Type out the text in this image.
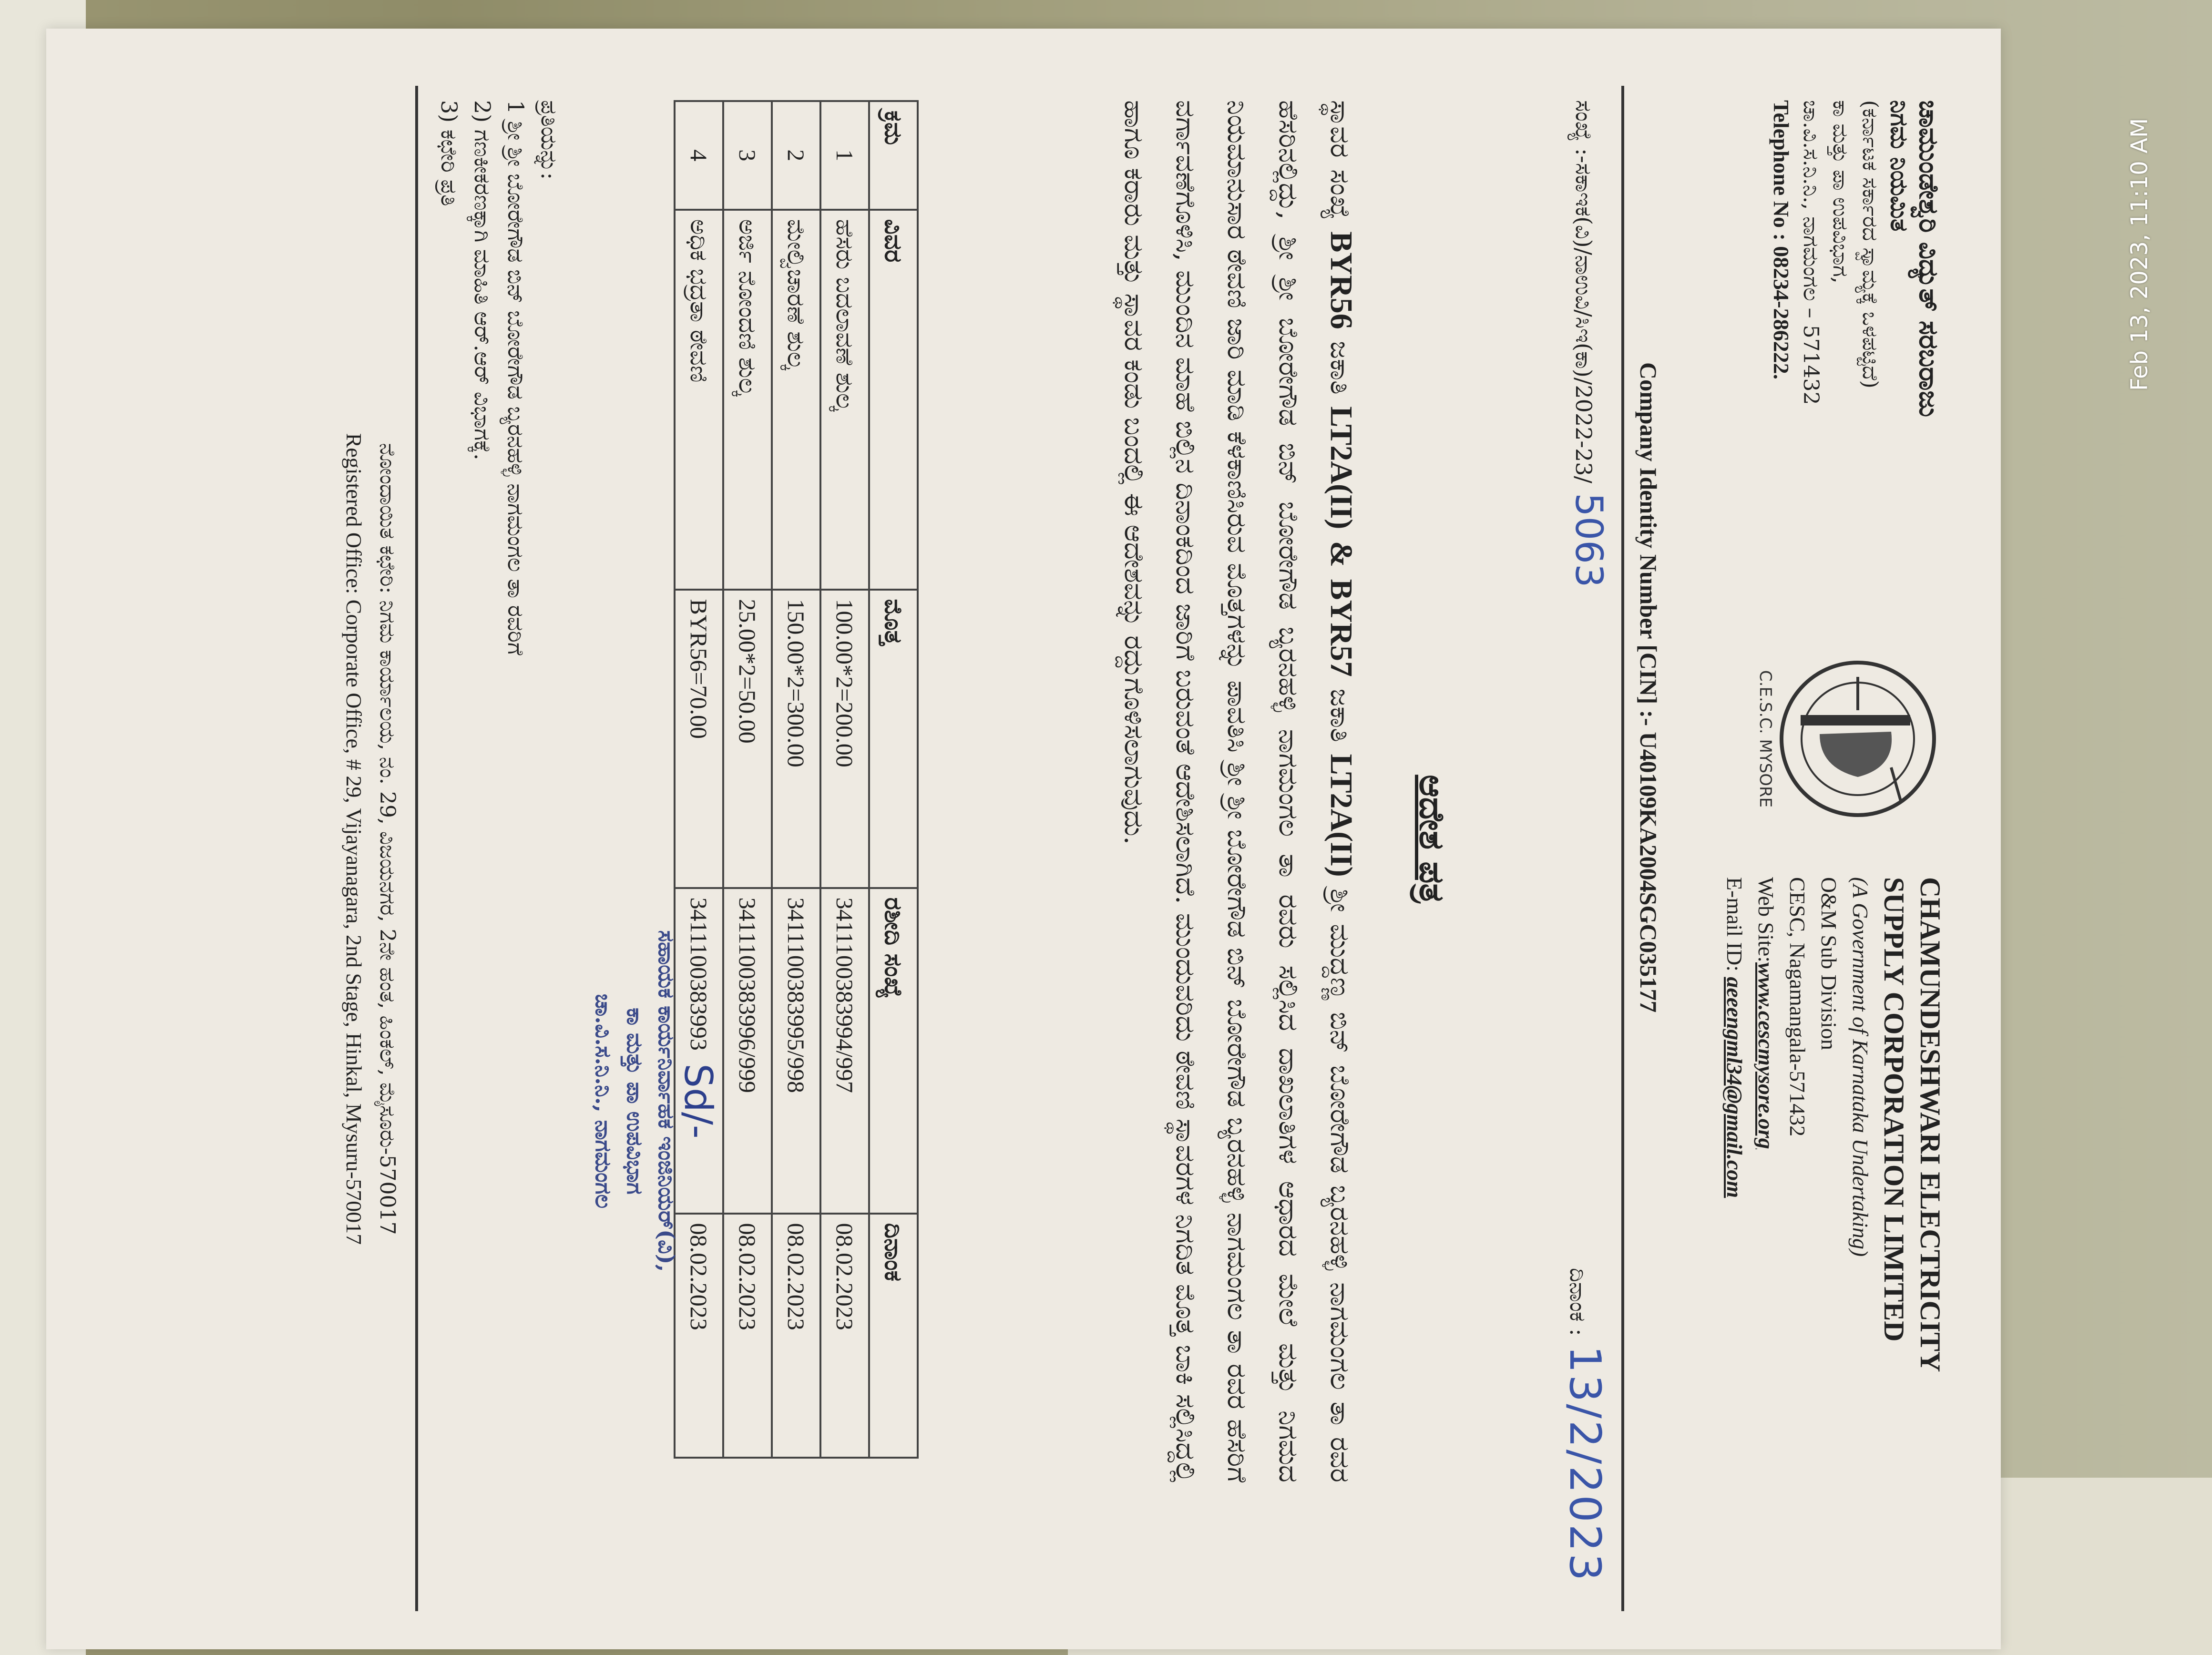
ಚಾಮುಂಡೇಶ್ವರಿ ವಿದ್ಯುತ್ ಸರಬರಾಜು
ನಿಗಮ ನಿಯಮಿತ
(ಕರ್ನಾಟಕ ಸರ್ಕಾರದ ಸ್ವಾಮ್ಯಕ್ಕೆ ಒಳಪಟ್ಟಿದೆ)
ಕಾ ಮತ್ತು ಪಾ ಉಪವಿಭಾಗ,
ಚಾ.ವಿ.ಸ.ನಿ.ನಿ., ನಾಗಮಂಗಲ – 571432
Telephone No : 08234-286222.
C.E.S.C. MYSORE
CHAMUNDESHWARI ELECTRICITY
SUPPLY CORPORATION LIMITED
(A Government of Karnataka Undertaking)
O&M Sub Division
CESC, Nagamangala-571432
Web Site:www.cescmysore.org
E-mail ID: aeeengml34@gmail.com
Company Identity Number [CIN] :- U40109KA2004SGC035177
ಸಂಖ್ಯೆ :-ಸಕಾಇಕ(ವಿ)/ನಾಉವಿ/ಸಿಇ(ಕಾ)/2022-23/5063
ದಿನಾಂಕ :13/2/2023
ಆದೇಶ ಪತ್ರ
ಸ್ಥಾವರ ಸಂಖ್ಯೆ BYR56 ಜಕಾತಿ LT2A(II) & BYR57 ಜಕಾತಿ LT2A(II) ಶ್ರೀ ಮುದ್ದಣ್ಣ ಬಿನ್ ಬೋರೇಗೌಡ ಬ್ಯರನಹಳ್ಳಿ ನಾಗಮಂಗಲ ತಾ ರವರ ಹೆಸರಿನಲ್ಲಿದ್ದು, ಶ್ರೀ ಶ್ರೀ ಬೋರೇಗೌಡ ಬಿನ್ ಬೋರೇಗೌಡ ಬ್ಯರನಹಳ್ಳಿ ನಾಗಮಂಗಲ ತಾ ರವರು ಸಲ್ಲಿಸಿದ ದಾಖಲಾತಿಗಳ ಆಧಾರದ ಮೇಲೆ ಮತ್ತು ನಿಗಮದ ನಿಯಮಾನುಸಾರ ಠೇವಣಿ ಜಾರಿ ಮಾಡಿ ಕೆಳಕಾಣಿಸಿರುವ ಮೊತ್ತಗಳನ್ನು ಪಾವತಿಸಿ ಶ್ರೀ ಶ್ರೀ ಬೋರೇಗೌಡ ಬಿನ್ ಬೋರೇಗೌಡ ಬ್ಯರನಹಳ್ಳಿ ನಾಗಮಂಗಲ ತಾ ರವರ ಹೆಸರಿಗೆ ವರ್ಗಾವಣೆಗೊಳಿಸಿ, ಮುಂದಿನ ಮಾಹೆ ಬಿಲ್ಲಿನ ದಿನಾಂಕದಿಂದ ಜಾರಿಗೆ ಬರುವಂತೆ ಆದೇಶಿಸಲಾಗಿದೆ. ಮುಂದುವರಿದು ಠೇವಣಿ ಸ್ಥಾವರಗಳ ನಿಗದಿತ ಮೊತ್ತ ಬಾಕಿ ಸಲ್ಲಿಸಿದ್ದಲ್ಲಿ ಹಾಗೂ ಕರಾರು ಮತ್ತು ಸ್ಥಾವರ ಕಂಡು ಬಂದಲ್ಲಿ ಈ ಆದೇಶವನ್ನು ರದ್ದುಗೊಳಿಸಲಾಗುವುದು.
ಕ್ರಮ	ವಿವರ	ಮೊತ್ತ	ರಶೀದಿ ಸಂಖ್ಯೆ	ದಿನಾಂಕ
1	ಹೆಸರು ಬದಲಾವಣೆ ಶುಲ್ಕ	100.00*2=200.00	3411100383994/997	08.02.2023
2	ಮೇಲ್ವಿಚಾರಣೆ ಶುಲ್ಕ	150.00*2=300.00	3411100383995/998	08.02.2023
3	ಅರ್ಜಿ ನೋಂದಣಿ ಶುಲ್ಕ	25.00*2=50.00	3411100383996/999	08.02.2023
4	ಅಧಿಕ ಭದ್ರತಾ ಠೇವಣಿ	BYR56=70.00	3411100383993	08.02.2023
Sd/-
ಸಹಾಯಕ ಕಾರ್ಯನಿರ್ವಾಹಕ ಇಂಜಿನಿಯರ್(ವಿ),
ಕಾ ಮತ್ತು ಪಾ ಉಪವಿಭಾಗ
ಚಾ.ವಿ.ಸ.ನಿ.ನಿ., ನಾಗಮಂಗಲ
ಪ್ರತಿಯನ್ನು:
1 ಶ್ರೀ ಶ್ರೀ ಬೋರೇಗೌಡ ಬಿನ್ ಬೋರೇಗೌಡ ಬ್ಯರನಹಳ್ಳಿ ನಾಗಮಂಗಲ ತಾ ರವರಿಗೆ
2) ಗಣಕೀಕರಣಕ್ಕಾಗಿ ಮಾಹಿತಿ ಆರ್.ಆರ್ ವಿಭಾಗಕ್ಕೆ.
3) ಕಛೇರಿ ಪ್ರತಿ
ನೋಂದಾಯಿತ ಕಛೇರಿ: ನಿಗಮ ಕಾರ್ಯಾಲಯ, ನಂ. 29, ವಿಜಯನಗರ, 2ನೇ ಹಂತ, ಹಿಂಕಲ್, ಮೈಸೂರು-570017
Registered Office: Corporate Office, # 29, Vijayanagara, 2nd Stage, Hinkal, Mysuru-570017
Feb 13, 2023, 11:10 AM
